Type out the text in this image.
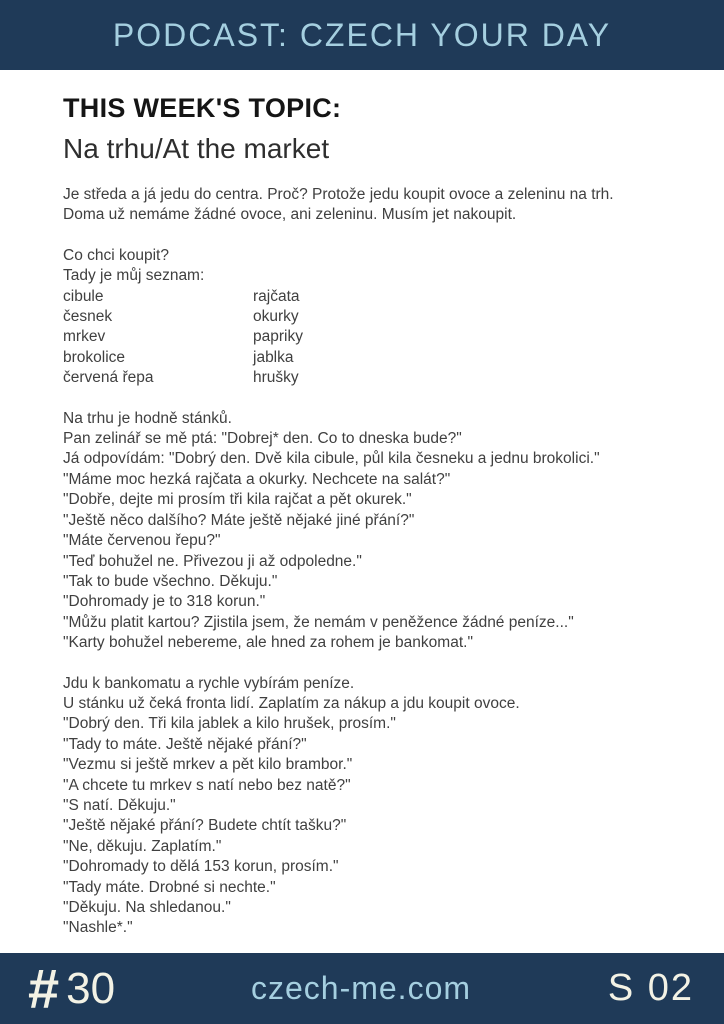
PODCAST: CZECH YOUR DAY
THIS WEEK'S TOPIC:
Na trhu/At the market
Je středa a já jedu do centra. Proč? Protože jedu koupit ovoce a zeleninu na trh.
Doma už nemáme žádné ovoce, ani zeleninu. Musím jet nakoupit.
Co chci koupit?
Tady je můj seznam:
cibule	rajčata
česnek	okurky
mrkev	papriky
brokolice	jablka
červená řepa	hrušky
Na trhu je hodně stánků.
Pan zelinář se mě ptá: "Dobrej* den. Co to dneska bude?"
Já odpovídám: "Dobrý den. Dvě kila cibule, půl kila česneku a jednu brokolici."
"Máme moc hezká rajčata a okurky. Nechcete na salát?"
"Dobře, dejte mi prosím tři kila rajčat a pět okurek."
"Ještě něco dalšího? Máte ještě nějaké jiné přání?"
"Máte červenou řepu?"
"Teď bohužel ne. Přivezou ji až odpoledne."
"Tak to bude všechno. Děkuju."
"Dohromady je to 318 korun."
"Můžu platit kartou? Zjistila jsem, že nemám v peněžence žádné peníze..."
"Karty bohužel nebereme, ale hned za rohem je bankomat."
Jdu k bankomatu a rychle vybírám peníze.
U stánku už čeká fronta lidí. Zaplatím za nákup a jdu koupit ovoce.
"Dobrý den. Tři kila jablek a kilo hrušek, prosím."
"Tady to máte. Ještě nějaké přání?"
"Vezmu si ještě mrkev a pět kilo brambor."
"A chcete tu mrkev s natí nebo bez natě?"
"S natí. Děkuju."
"Ještě nějaké přání? Budete chtít tašku?"
"Ne, děkuju. Zaplatím."
"Dohromady to dělá 153 korun, prosím."
"Tady máte. Drobné si nechte."
"Děkuju. Na shledanou."
"Nashle*."
# 30	czech-me.com	S 02
